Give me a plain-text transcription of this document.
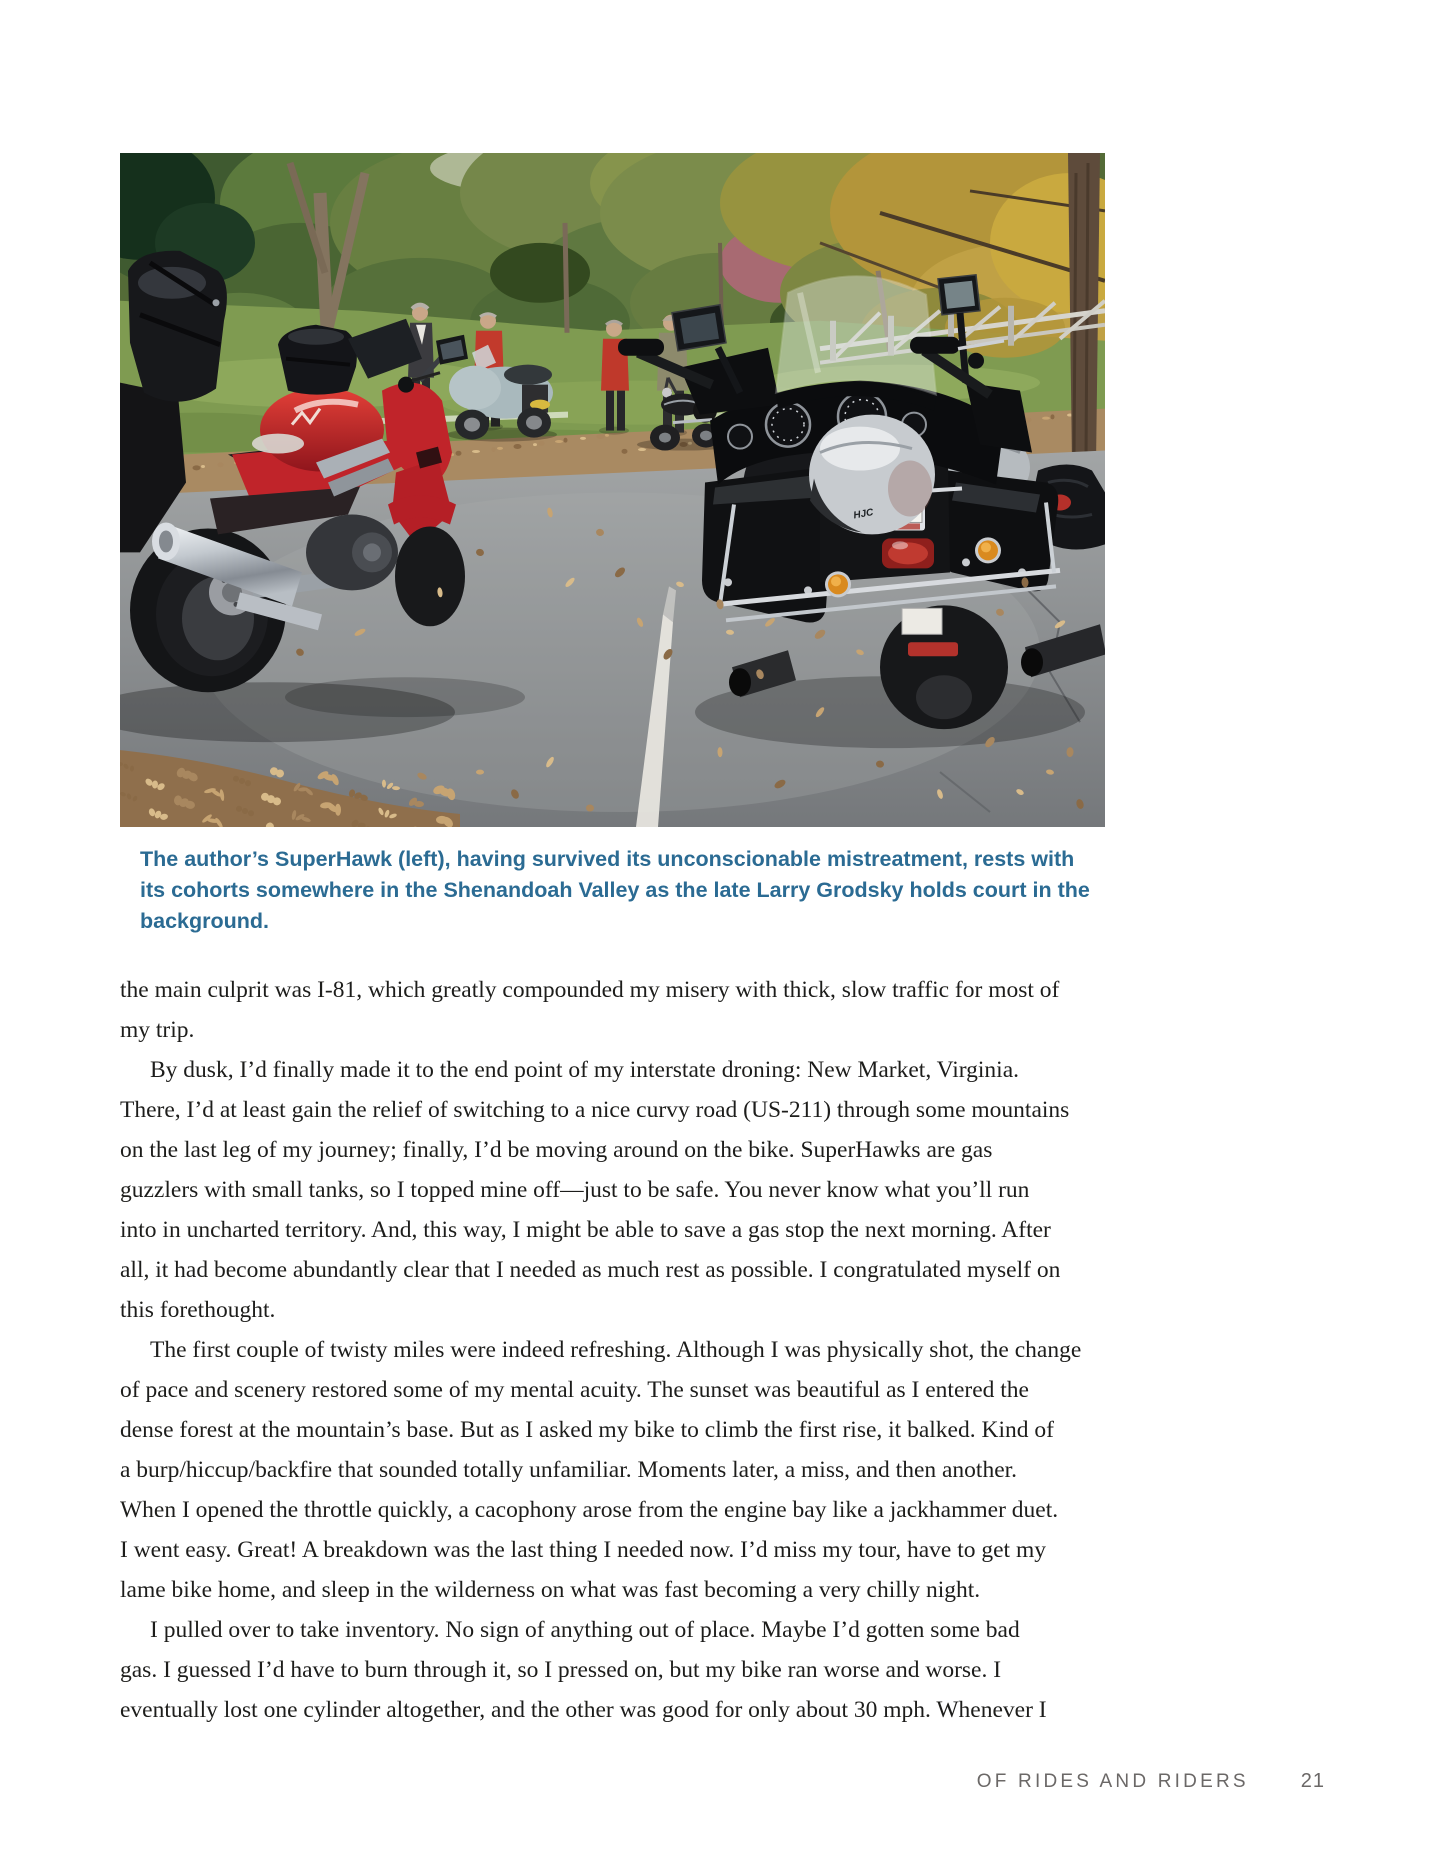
HJC
The author’s SuperHawk (left), having survived its unconscionable mistreatment, rests with
its cohorts somewhere in the Shenandoah Valley as the late Larry Grodsky holds court in the
background.
the main culprit was I-81, which greatly compounded my misery with thick, slow traffic for most of
my trip.
By dusk, I’d finally made it to the end point of my interstate droning: New Market, Virginia.
There, I’d at least gain the relief of switching to a nice curvy road (US-211) through some mountains
on the last leg of my journey; finally, I’d be moving around on the bike. SuperHawks are gas
guzzlers with small tanks, so I topped mine off—just to be safe. You never know what you’ll run
into in uncharted territory. And, this way, I might be able to save a gas stop the next morning. After
all, it had become abundantly clear that I needed as much rest as possible. I congratulated myself on
this forethought.
The first couple of twisty miles were indeed refreshing. Although I was physically shot, the change
of pace and scenery restored some of my mental acuity. The sunset was beautiful as I entered the
dense forest at the mountain’s base. But as I asked my bike to climb the first rise, it balked. Kind of
a burp/hiccup/backfire that sounded totally unfamiliar. Moments later, a miss, and then another.
When I opened the throttle quickly, a cacophony arose from the engine bay like a jackhammer duet.
I went easy. Great! A breakdown was the last thing I needed now. I’d miss my tour, have to get my
lame bike home, and sleep in the wilderness on what was fast becoming a very chilly night.
I pulled over to take inventory. No sign of anything out of place. Maybe I’d gotten some bad
gas. I guessed I’d have to burn through it, so I pressed on, but my bike ran worse and worse. I
eventually lost one cylinder altogether, and the other was good for only about 30 mph. Whenever I
OF RIDES AND RIDERS	21
